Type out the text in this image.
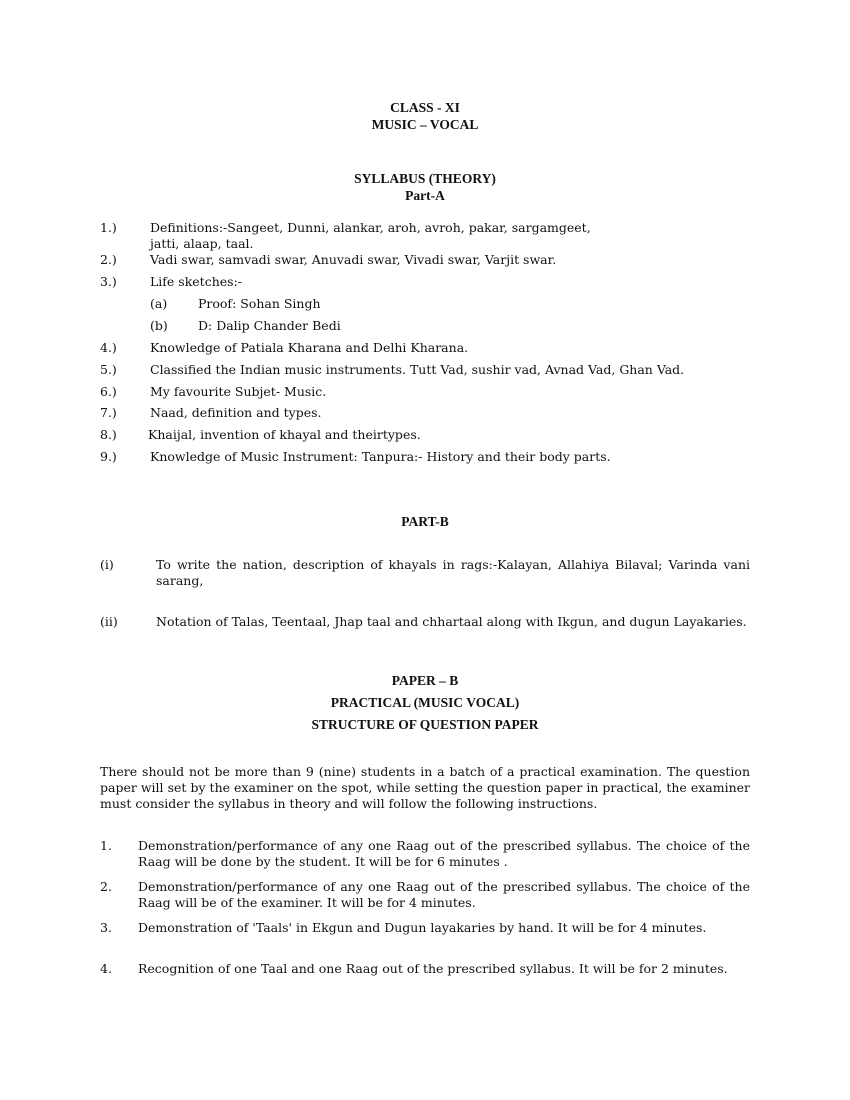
CLASS - XI
MUSIC – VOCAL
SYLLABUS (THEORY)
Part-A
1.)	Definitions:-Sangeet, Dunni, alankar, aroh, avroh, pakar, sargamgeet,
jatti, alaap, taal.
2.)	Vadi swar, samvadi swar, Anuvadi swar, Vivadi swar, Varjit swar.
3.)	Life sketches:-
(a) Proof: Sohan Singh
(b) D: Dalip Chander Bedi
4.)	Knowledge of Patiala Kharana and Delhi Kharana.
5.)	Classified the Indian music instruments. Tutt Vad, sushir vad, Avnad Vad, Ghan Vad.
6.)	My favourite Subjet- Music.
7.)	Naad, definition and types.
8.) Khaijal, invention of khayal and theirtypes.
9.)	Knowledge of Music Instrument: Tanpura:- History and their body parts.
PART-B
(i)	To write the nation, description of khayals in rags:-Kalayan, Allahiya Bilaval; Varinda vani sarang,
(ii)	Notation of Talas, Teentaal, Jhap taal and chhartaal along with Ikgun, and dugun Layakaries.
PAPER – B
PRACTICAL (MUSIC VOCAL)
STRUCTURE OF QUESTION PAPER
There should not be more than 9 (nine) students in a batch of a practical examination. The question paper will set by the examiner on the spot, while setting the question paper in practical, the examiner must consider the syllabus in theory and will follow the following instructions.
1. Demonstration/performance of any one Raag out of the prescribed syllabus. The choice of the Raag will be done by the student. It will be for 6 minutes .
2. Demonstration/performance of any one Raag out of the prescribed syllabus. The choice of the Raag will be of the examiner. It will be for 4 minutes.
3. Demonstration of 'Taals' in Ekgun and Dugun layakaries by hand. It will be for 4 minutes.
4. Recognition of one Taal and one Raag out of the prescribed syllabus. It will be for 2 minutes.
